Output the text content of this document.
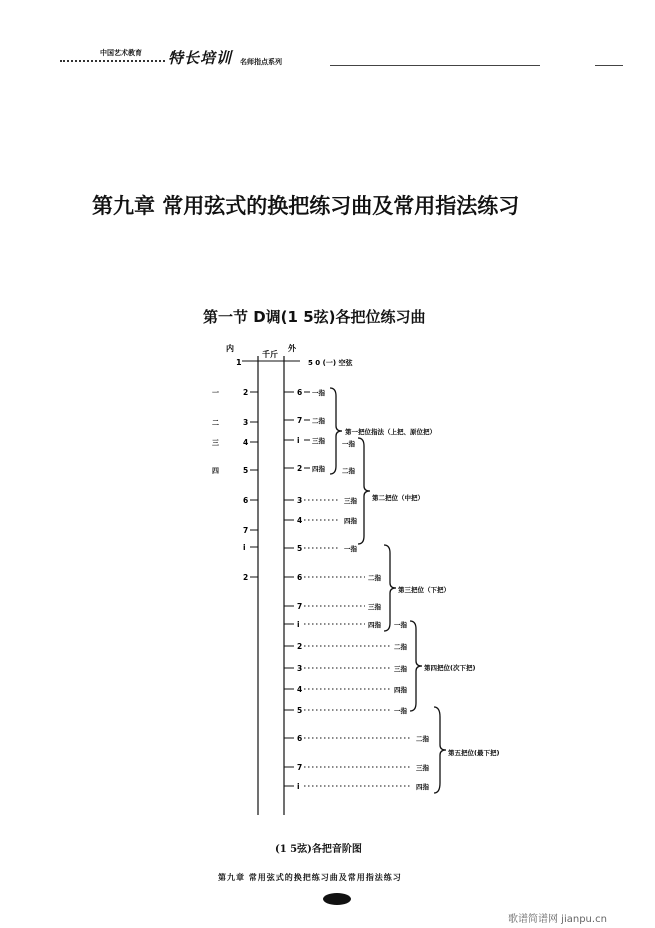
中国艺术教育 特长培训 名师指点系列
第九章 常用弦式的换把练习曲及常用指法练习
第一节 D调(1 5弦)各把位练习曲
内
千斤
外
1	5 0 (一) 空弦
一
二
三
四
2
3
4
5
6
7
i
2
6
7
i
2
3
4
5
6
7
i
2
3
4
5
6
7
i
一指
二指
三指
四指
一指
二指
三指
四指
一指
二指
三指
四指 一指
二指
三指
四指
一指
二指
三指
四指
第一把位指法（上把、原位把）
第二把位（中把）
第三把位（下把）
第四把位(次下把)
第五把位(最下把)
(1 5弦)各把音阶图
第九章 常用弦式的换把练习曲及常用指法练习
歌谱简谱网 jianpu.cn
